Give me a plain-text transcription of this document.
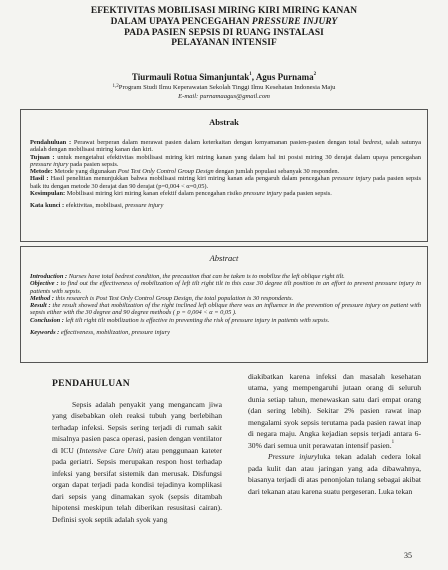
EFEKTIVITAS MOBILISASI MIRING KIRI MIRING KANAN
DALAM UPAYA PENCEGAHAN PRESSURE INJURY
PADA PASIEN SEPSIS DI RUANG INSTALASI
PELAYANAN INTENSIF
Tiurmauli Rotua Simanjuntak$^1$, Agus Purnama$^2$
$^{1,2}$Program Studi Ilmu Keperawatan Sekolah Tinggi Ilmu Kesehatan Indonesia Maju
E-mail: purnamaagus@gmail.com
Abstrak

Pendahuluan : Perawat berperan dalam merawat pasien dalam keterkaitan dengan kenyamanan pasien-pasien dengan total bedrest, salah satunya adalah dengan mobilisasi miring kanan dan kiri.

Tujuan : untuk mengetahui efektivitas mobilisasi miring kiri miring kanan yang dalam hal ini posisi miring 30 derajat dalam upaya pencegahan pressure injury pada pasien sepsis.

Metode: Metode yang digunakan Post Test Only Control Group Design dengan jumlah populasi sebanyak 30 responden.

Hasil : Hasil penelitian menunjukkan bahwa mobilisasi miring kiri miring kanan ada pengaruh dalam pencegahan pressure injury pada pasien sepsis baik itu dengan metode 30 derajat dan 90 derajat (p=0,004 < α=0,05).

Kesimpulan: Mobilisasi miring kiri miring kanan efektif dalam pencegahan risiko pressure injury pada pasien sepsis.

Kata kunci : efektivitas, mobilisasi, pressure injury

Abstract

Introduction : Nurses have total bedrest condition, the precaution that can be taken is to mobilize the left oblique right tilt.

Objective : to find out the effectiveness of mobilization of left tilt right tilt in this case 30 degree tilt position in an effort to prevent pressure injury in patients with sepsis.

Method : this research is Post Test Only Control Group Design, the total population is 30 respondents.

Result : the result showed that mobilization of the right inclined left oblique there was an influence in the prevention of pressure injury on patient with sepsis either with the 30 degree and 90 degree methods ( p = 0,004 < α = 0,05 ).

Conclusion : left tilt right tilt mobilization is effective in preventing the risk of pressure injury in patients with sepsis.

Keywords : effectiveness, mobilization, pressure injury

PENDAHULUAN

Sepsis adalah penyakit yang mengancam jiwa yang disebabkan oleh reaksi tubuh yang berlebihan terhadap infeksi. Sepsis sering terjadi di rumah sakit misalnya pasien pasca operasi, pasien dengan ventilator di ICU (Intensive Care Unit) atau penggunaan kateter pada geriatri. Sepsis merupakan respon host terhadap infeksi yang bersifat sistemik dan merusak. Disfungsi organ dapat terjadi pada kondisi tejadinya komplikasi dari sepsis yang dinamakan syok (sepsis ditambah hipotensi meskipun telah diberikan resusitasi cairan). Definisi syok septik adalah syok yang

diakibatkan karena infeksi dan masalah kesehatan utama, yang mempengaruhi jutaan orang di seluruh dunia setiap tahun, menewaskan satu dari empat orang (dan sering lebih). Sekitar 2% pasien rawat inap mengalami syok sepsis terutama pada pasien rawat inap di negara maju. Angka kejadian sepsis terjadi antara 6-30% dari semua unit perawatan intensif pasien.$^1$

Pressure injuryluka tekan adalah cedera lokal pada kulit dan atau jaringan yang ada dibawahnya, biasanya terjadi di atas penonjolan tulang sebagai akibat dari tekanan atau karena suatu pergeseran. Luka tekan

35
